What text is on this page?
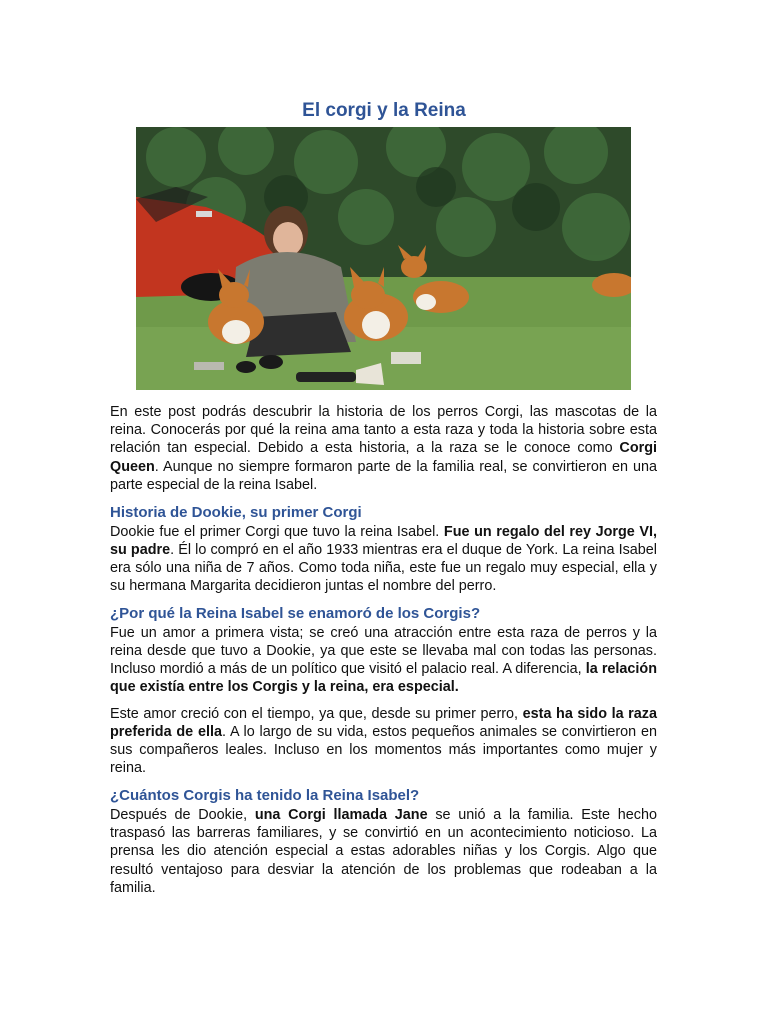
El corgi y la Reina

En este post podrás descubrir la historia de los perros Corgi, las mascotas de la reina. Conocerás por qué la reina ama tanto a esta raza y toda la historia sobre esta relación tan especial. Debido a esta historia, a la raza se le conoce como Corgi Queen. Aunque no siempre formaron parte de la familia real, se convirtieron en una parte especial de la reina Isabel.

Historia de Dookie, su primer Corgi

Dookie fue el primer Corgi que tuvo la reina Isabel. Fue un regalo del rey Jorge VI, su padre. Él lo compró en el año 1933 mientras era el duque de York. La reina Isabel era sólo una niña de 7 años. Como toda niña, este fue un regalo muy especial, ella y su hermana Margarita decidieron juntas el nombre del perro.

¿Por qué la Reina Isabel se enamoró de los Corgis?

Fue un amor a primera vista; se creó una atracción entre esta raza de perros y la reina desde que tuvo a Dookie, ya que este se llevaba mal con todas las personas. Incluso mordió a más de un político que visitó el palacio real. A diferencia, la relación que existía entre los Corgis y la reina, era especial.

Este amor creció con el tiempo, ya que, desde su primer perro, esta ha sido la raza preferida de ella. A lo largo de su vida, estos pequeños animales se convirtieron en sus compañeros leales. Incluso en los momentos más importantes como mujer y reina.

¿Cuántos Corgis ha tenido la Reina Isabel?

Después de Dookie, una Corgi llamada Jane se unió a la familia. Este hecho traspasó las barreras familiares, y se convirtió en un acontecimiento noticioso. La prensa les dio atención especial a estas adorables niñas y los Corgis. Algo que resultó ventajoso para desviar la atención de los problemas que rodeaban a la familia.
